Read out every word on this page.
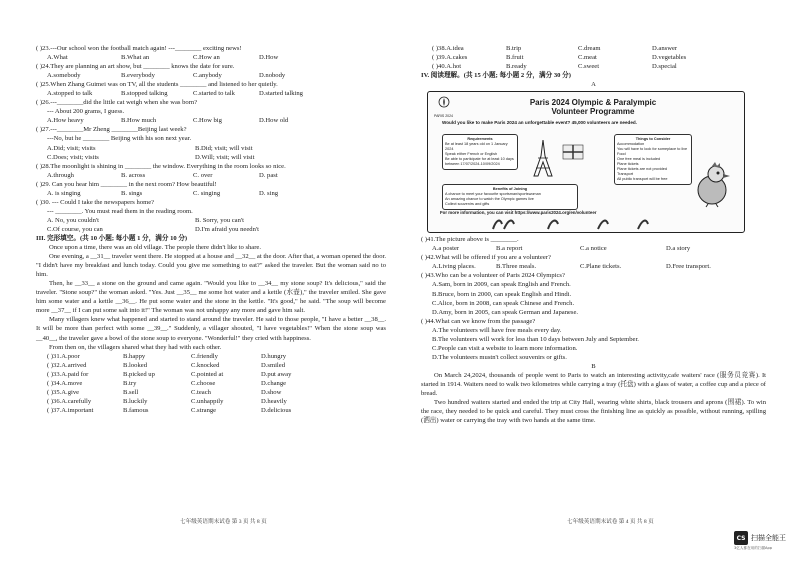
( )23.---Our school won the football match again! ---________ exciting news!
A.What	B.What an	C.How an	D.How
( )24.They are planning an art show, but ________ knows the date for sure.
A.somebody	B.everybody	C.anybody	D.nobody
( )25.When Zhang Guimei was on TV, all the students ________ and listened to her quietly.
A.stopped to talk	B.stopped talking	C.started to talk	D.started talking
( )26.---________did the little cat weigh when she was born?
--- About 200 grams, I guess.
A.How heavy	B.How much	C.How big	D.How old
( )27.---________Mr Zheng ________Beijing last week?
---No, but he ________ Beijing with his son next year.
A.Did; visit; visits	B.Did; visit; will visit
C.Does; visit; visits	D.Will; visit; will visit
( )28.The moonlight is shining in ________ the window. Everything in the room looks so nice.
A.through	B. across	C. over	D. past
( )29. Can you hear him ________ in the next room? How beautiful!
A. is singing	B. sings	C. singing	D. sing
( )30. --- Could I take the newspapers home?
--- ________. You must read them in the reading room.
A. No, you couldn't	B. Sorry, you can't
C.Of course, you can	D.I'm afraid you needn't
III. 完形填空。(共 10 小题; 每小题 1 分，满分 10 分)
Once upon a time, there was an old village. The people there didn't like to share.
One evening, a __31__ traveler went there. He stopped at a house and __32__ at the door. After that, a woman opened the door. "I didn't have my breakfast and lunch today. Could you give me something to eat?" asked the traveler. But the woman said no to him.
Then, he __33__ a stone on the ground and came again. "Would you like to __34__ my stone soup? It's delicious," said the traveler. "Stone soup?" the woman asked. "Yes. Just __35__ me some hot water and a kettle (水壶)," the traveler smiled. She gave him some water and a kettle __36__. He put some water and the stone in the kettle. "It's good," he said. "The soup will become more __37__ if I can put some salt into it!" The woman was not unhappy any more and gave him salt.
Many villagers knew what happened and started to stand around the traveler. He said to those people, "I have a better __38__. It will be more than perfect with some __39__." Suddenly, a villager shouted, "I have vegetables!" When the stone soup was __40__, the traveler gave a bowl of the stone soup to everyone. "Wonderful!" they cried with happiness.
From then on, the villagers shared what they had with each other.
( )31.A.poor	B.happy	C.friendly	D.hungry
( )32.A.arrived	B.looked	C.knocked	D.smiled
( )33.A.paid for	B.picked up	C.pointed at	D.put away
( )34.A.move	B.try	C.choose	D.change
( )35.A.give	B.sell	C.teach	D.show
( )36.A.carefully	B.luckily	C.unhappily	D.heavily
( )37.A.important	B.famous	C.strange	D.delicious
七年级英语期末试卷 第 3 页 共 8 页
( )38.A.idea	B.trip	C.dream	D.answer
( )39.A.cakes	B.fruit	C.meat	D.vegetables
( )40.A.hot	B.ready	C.sweet	D.special
IV. 阅读理解。(共 15 小题; 每小题 2 分，满分 30 分)
A
PARIS 2024
Paris 2024 Olympic & Paralympic
Volunteer Programme
Would you like to make Paris 2024 an unforgettable event? 45,000 volunteers are needed.
Requirements
Be at least 18 years old on 1 January 2024
Speak either French or English
Be able to participate for at least 10 days between 17/07/2024-10/09/2024
Things to Consider
Accommodation
You will have to look for someplace to live
Food
One free meal is included
Plane tickets
Plane tickets are not provided
Transport
All public transport will be free
Benefits of Joining
A chance to meet your favourite sportsman/sportswoman
An amazing chance to watch the Olympic games live
Collect souvenirs and gifts
For more information, you can visit https://www.paris2024.org/en/volunteer
( )41.The picture above is ________.
A.a poster	B.a report	C.a notice	D.a story
( )42.What will be offered if you are a volunteer?
A.Living places.	B.Three meals.	C.Plane tickets.	D.Free transport.
( )43.Who can be a volunteer of Paris 2024 Olympics?
A.Sam, born in 2009, can speak English and French.
B.Bruce, born in 2000, can speak English and Hindi.
C.Alice, born in 2008, can speak Chinese and French.
D.Amy, born in 2005, can speak German and Japanese.
( )44.What can we know from the passage?
A.The volunteers will have free meals every day.
B.The volunteers will work for less than 10 days between July and September.
C.People can visit a website to learn more information.
D.The volunteers mustn't collect souvenirs or gifts.
B
On March 24,2024, thousands of people went to Paris to watch an interesting activity,cafe waiters' race (服务员竞赛). It started in 1914. Waiters need to walk two kilometres while carrying a tray (托盘) with a glass of water, a coffee cup and a piece of bread.
Two hundred waiters started and ended the trip at City Hall, wearing white shirts, black trousers and aprons (围裙). To win the race, they needed to be quick and careful. They must cross the finishing line as quickly as possible, without running, spilling (洒出) water or carrying the tray with two hands at the same time.
七年级英语期末试卷 第 4 页 共 8 页
CS 扫描全能王
3亿人都在用的扫描App
